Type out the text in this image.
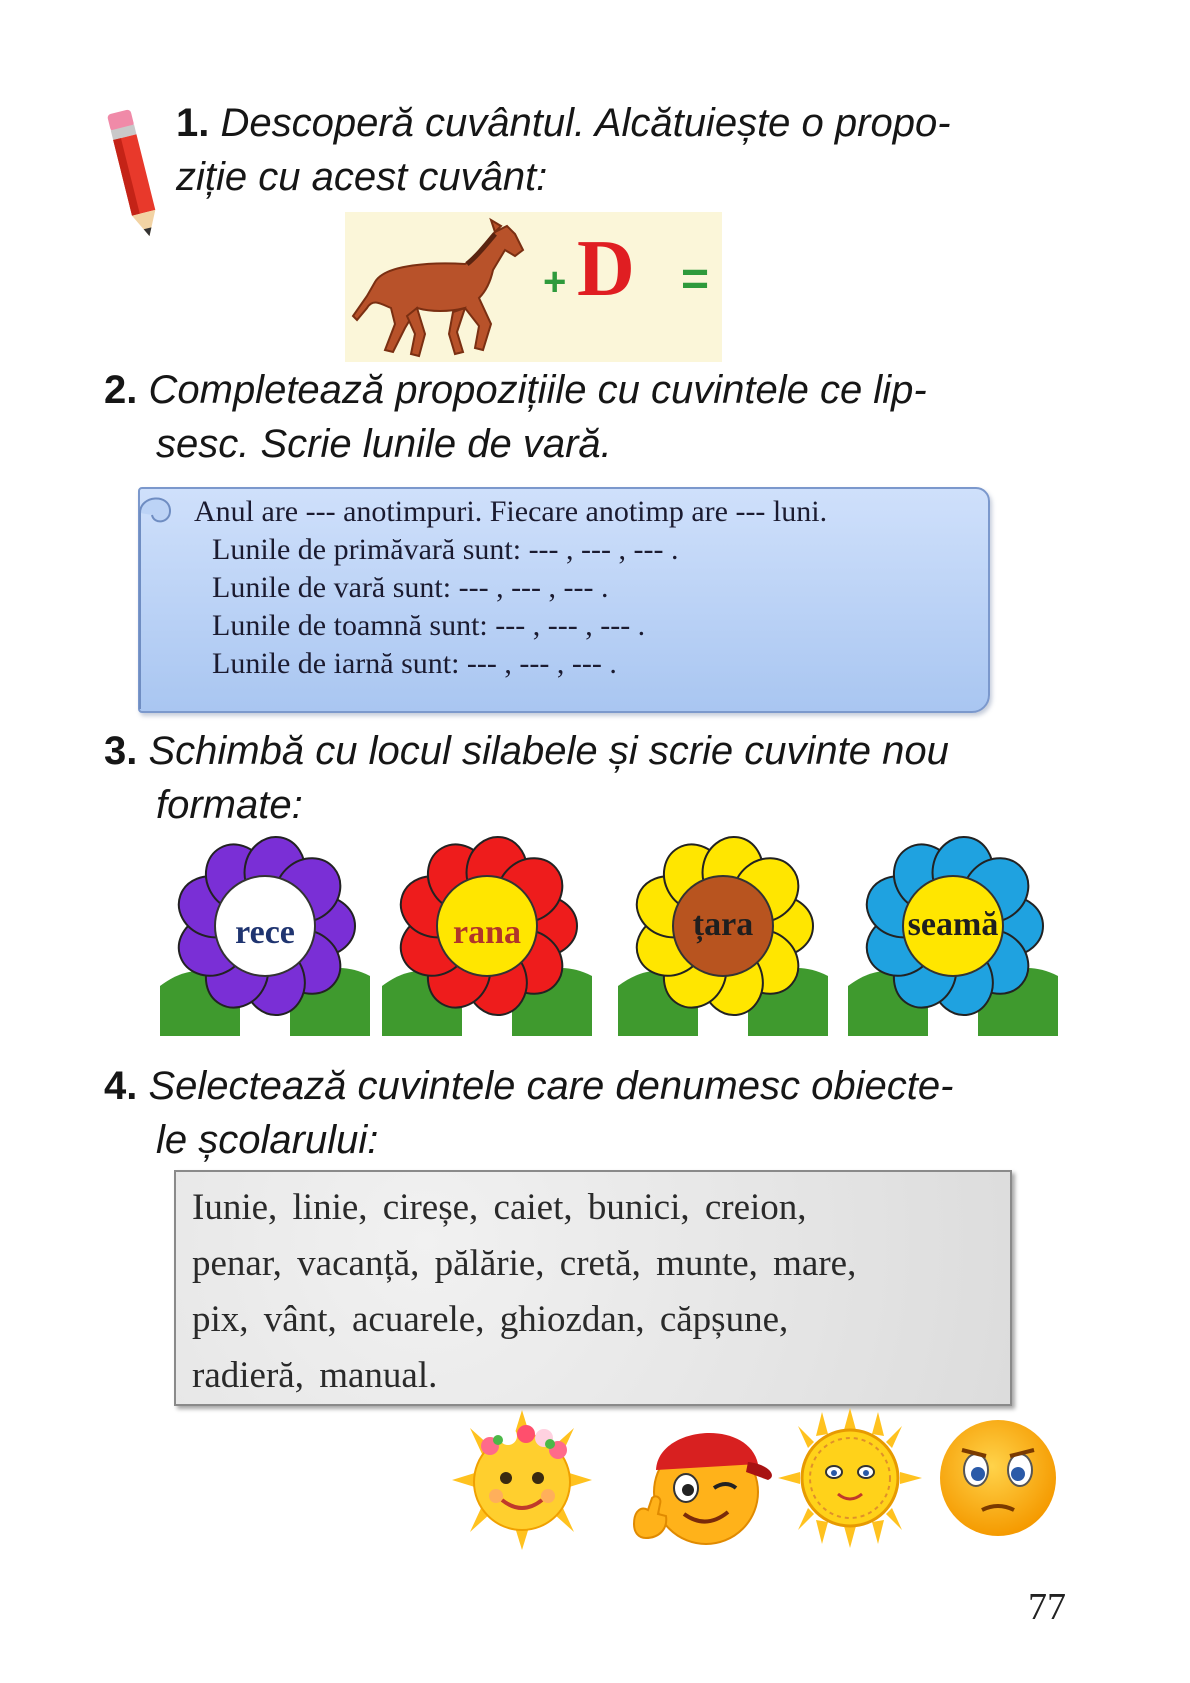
1. Descoperă cuvântul. Alcătuiește o propo-
ziție cu acest cuvânt:
+ D =
2. Completează propozițiile cu cuvintele ce lip-
sesc. Scrie lunile de vară.
Anul are --- anotimpuri. Fiecare anotimp are --- luni.
Lunile de primăvară sunt: --- , --- , --- .
Lunile de vară sunt: --- , --- , --- .
Lunile de toamnă sunt: --- , --- , --- .
Lunile de iarnă sunt: --- , --- , --- .
3. Schimbă cu locul silabele și scrie cuvinte nou
formate:
rece	rana	țara	seamă
4. Selectează cuvintele care denumesc obiecte-
le școlarului:
Iunie, linie, cireșe, caiet, bunici, creion,
penar, vacanță, pălărie, cretă, munte, mare,
pix, vânt, acuarele, ghiozdan, căpșune,
radieră, manual.
77
